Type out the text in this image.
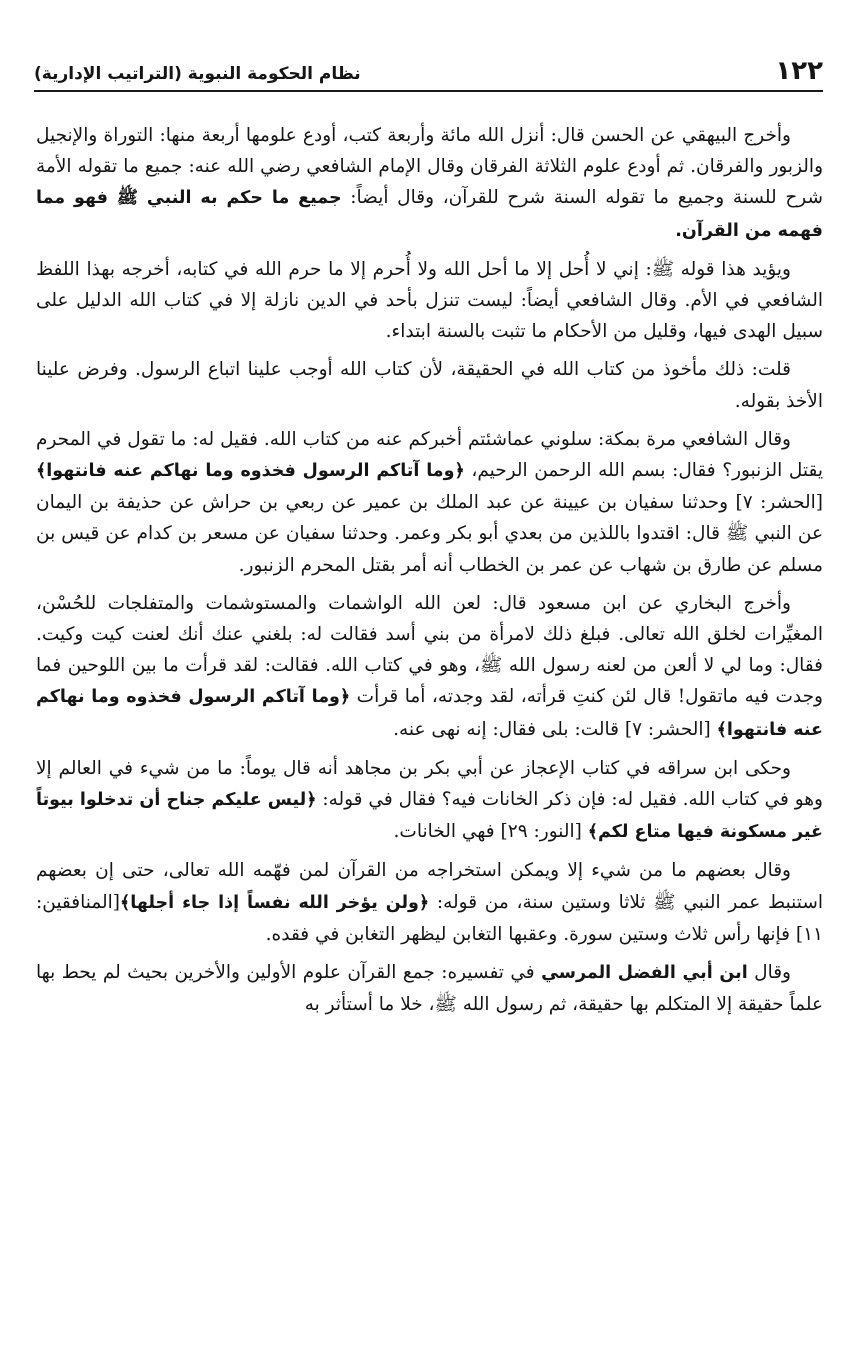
١٢٢
نظام الحكومة النبوية (التراتيب الإدارية)

وأخرج البيهقي عن الحسن قال: أنزل الله مائة وأربعة كتب، أودع علومها أربعة منها: التوراة والإنجيل والزبور والفرقان. ثم أودع علوم الثلاثة الفرقان وقال الإمام الشافعي رضي الله عنه: جميع ما تقوله الأمة شرح للسنة وجميع ما تقوله السنة شرح للقرآن، وقال أيضاً: جميع ما حكم به النبي ﷺ فهو مما فهمه من القرآن.

ويؤيد هذا قوله ﷺ: إني لا أُحل إلا ما أحل الله ولا أُحرم إلا ما حرم الله في كتابه، أخرجه بهذا اللفظ الشافعي في الأم. وقال الشافعي أيضاً: ليست تنزل بأحد في الدين نازلة إلا في كتاب الله الدليل على سبيل الهدى فيها، وقليل من الأحكام ما تثبت بالسنة ابتداء.

قلت: ذلك مأخوذ من كتاب الله في الحقيقة، لأن كتاب الله أوجب علينا اتباع الرسول. وفرض علينا الأخذ بقوله.

وقال الشافعي مرة بمكة: سلوني عماشئتم أخبركم عنه من كتاب الله. فقيل له: ما تقول في المحرم يقتل الزنبور؟ فقال: بسم الله الرحمن الرحيم، ﴿وما آتاكم الرسول فخذوه وما نهاكم عنه فانتهوا﴾ [الحشر: ٧] وحدثنا سفيان بن عيينة عن عبد الملك بن عمير عن ربعي بن حراش عن حذيفة بن اليمان عن النبي ﷺ قال: اقتدوا باللذين من بعدي أبو بكر وعمر. وحدثنا سفيان عن مسعر بن كدام عن قيس بن مسلم عن طارق بن شهاب عن عمر بن الخطاب أنه أمر بقتل المحرم الزنبور.

وأخرج البخاري عن ابن مسعود قال: لعن الله الواشمات والمستوشمات والمتفلجات للحُسْن، المغيِّرات لخلق الله تعالى. فبلغ ذلك لامرأة من بني أسد فقالت له: بلغني عنك أنك لعنت كيت وكيت. فقال: وما لي لا ألعن من لعنه رسول الله ﷺ، وهو في كتاب الله. فقالت: لقد قرأت ما بين اللوحين فما وجدت فيه ماتقول! قال لئن كنتِ قرأته، لقد وجدته، أما قرأت ﴿وما آتاكم الرسول فخذوه وما نهاكم عنه فانتهوا﴾ [الحشر: ٧] قالت: بلى فقال: إنه نهى عنه.

وحكى ابن سراقه في كتاب الإعجاز عن أبي بكر بن مجاهد أنه قال يوماً: ما من شيء في العالم إلا وهو في كتاب الله. فقيل له: فإن ذكر الخانات فيه؟ فقال في قوله: ﴿ليس عليكم جناح أن تدخلوا بيوتاً غير مسكونة فيها متاع لكم﴾ [النور: ٢٩] فهي الخانات.

وقال بعضهم ما من شيء إلا ويمكن استخراجه من القرآن لمن فهّمه الله تعالى، حتى إن بعضهم استنبط عمر النبي ﷺ ثلاثا وستين سنة، من قوله: ﴿ولن يؤخر الله نفساً إذا جاء أجلها﴾[المنافقين: ١١] فإنها رأس ثلاث وستين سورة. وعقبها التغابن ليظهر التغابن في فقده.

وقال ابن أبي الفضل المرسي في تفسيره: جمع القرآن علوم الأولين والأخرين بحيث لم يحط بها علماً حقيقة إلا المتكلم بها حقيقة، ثم رسول الله ﷺ، خلا ما أستأثر به
